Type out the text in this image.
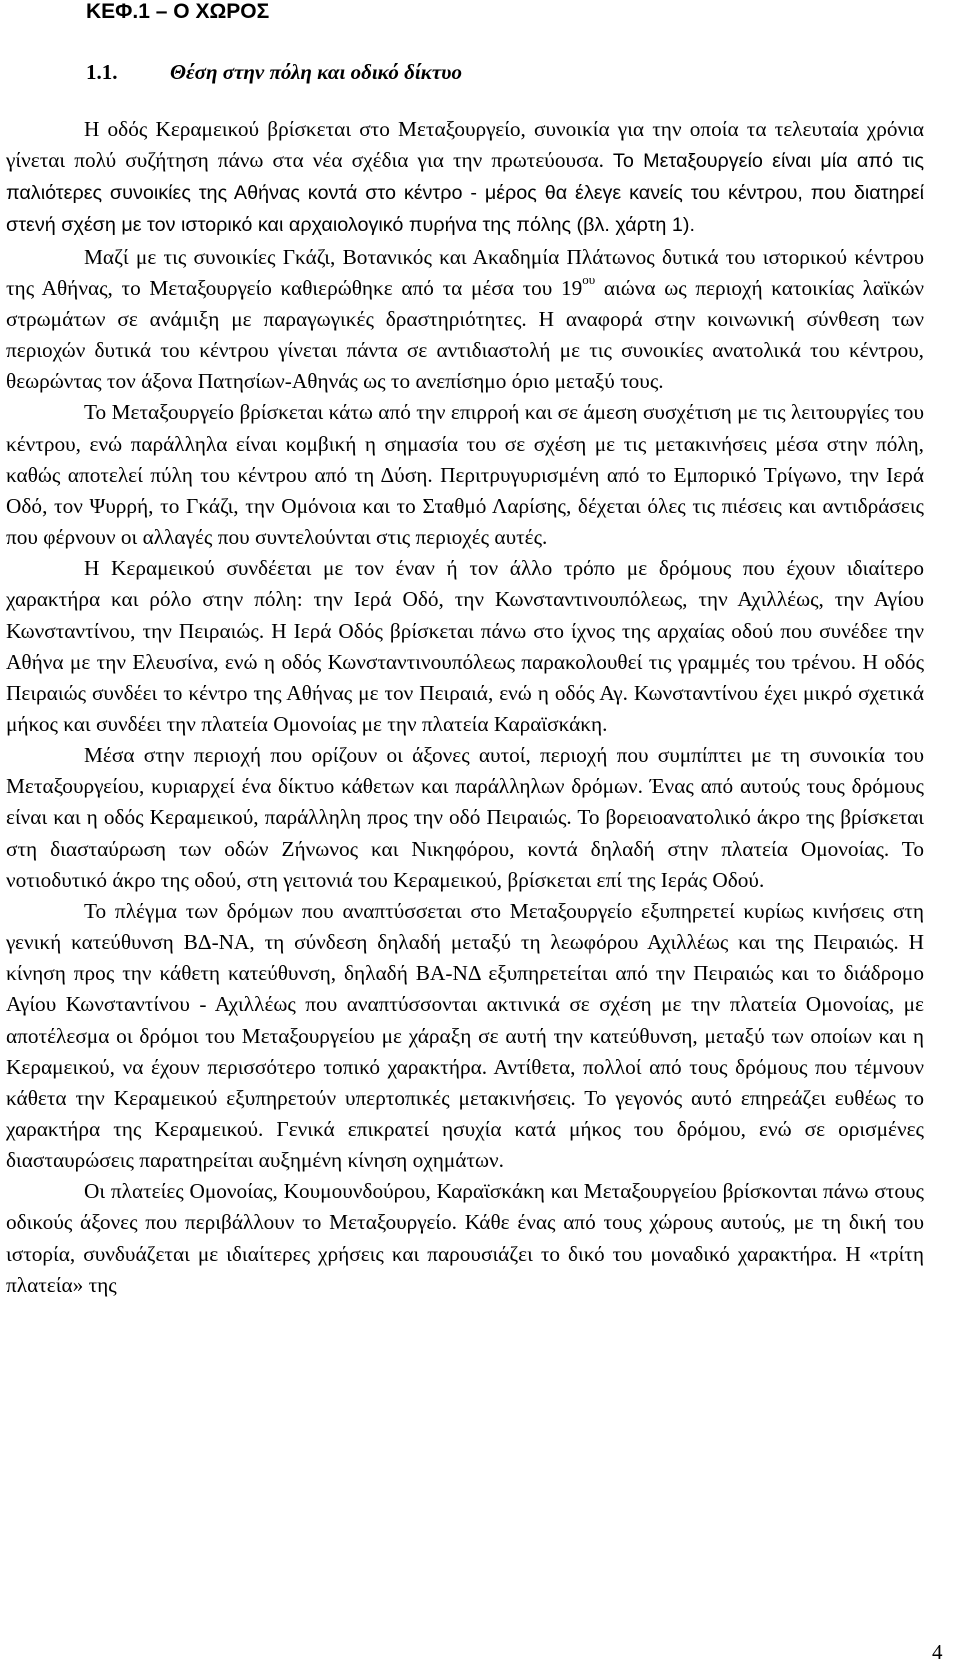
ΚΕΦ.1 – Ο ΧΩΡΟΣ
1.1.	Θέση στην πόλη και οδικό δίκτυο

Η οδός Κεραμεικού βρίσκεται στο Μεταξουργείο, συνοικία για την οποία τα τελευταία χρόνια γίνεται πολύ συζήτηση πάνω στα νέα σχέδια για την πρωτεύουσα. Το Μεταξουργείο είναι μία από τις παλιότερες συνοικίες της Αθήνας κοντά στο κέντρο - μέρος θα έλεγε κανείς του κέντρου, που διατηρεί στενή σχέση με τον ιστορικό και αρχαιολογικό πυρήνα της πόλης (βλ. χάρτη 1).

Μαζί με τις συνοικίες Γκάζι, Βοτανικός και Ακαδημία Πλάτωνος δυτικά του ιστορικού κέντρου της Αθήνας, το Μεταξουργείο καθιερώθηκε από τα μέσα του $19^{o\upsilon}$ αιώνα ως περιοχή κατοικίας λαϊκών στρωμάτων σε ανάμιξη με παραγωγικές δραστηριότητες. Η αναφορά στην κοινωνική σύνθεση των περιοχών δυτικά του κέντρου γίνεται πάντα σε αντιδιαστολή με τις συνοικίες ανατολικά του κέντρου, θεωρώντας τον άξονα Πατησίων-Αθηνάς ως το ανεπίσημο όριο μεταξύ τους.

Το Μεταξουργείο βρίσκεται κάτω από την επιρροή και σε άμεση συσχέτιση με τις λειτουργίες του κέντρου, ενώ παράλληλα είναι κομβική η σημασία του σε σχέση με τις μετακινήσεις μέσα στην πόλη, καθώς αποτελεί πύλη του κέντρου από τη Δύση. Περιτρυγυρισμένη από το Εμπορικό Τρίγωνο, την Ιερά Οδό, τον Ψυρρή, το Γκάζι, την Ομόνοια και το Σταθμό Λαρίσης, δέχεται όλες τις πιέσεις και αντιδράσεις που φέρνουν οι αλλαγές που συντελούνται στις περιοχές αυτές.

Η Κεραμεικού συνδέεται με τον έναν ή τον άλλο τρόπο με δρόμους που έχουν ιδιαίτερο χαρακτήρα και ρόλο στην πόλη: την Ιερά Οδό, την Κωνσταντινουπόλεως, την Αχιλλέως, την Αγίου Κωνσταντίνου, την Πειραιώς. Η Ιερά Οδός βρίσκεται πάνω στο ίχνος της αρχαίας οδού που συνέδεε την Αθήνα με την Ελευσίνα, ενώ η οδός Κωνσταντινουπόλεως παρακολουθεί τις γραμμές του τρένου. Η οδός Πειραιώς συνδέει το κέντρο της Αθήνας με τον Πειραιά, ενώ η οδός Αγ. Κωνσταντίνου έχει μικρό σχετικά μήκος και συνδέει την πλατεία Ομονοίας με την πλατεία Καραϊσκάκη.

Μέσα στην περιοχή που ορίζουν οι άξονες αυτοί, περιοχή που συμπίπτει με τη συνοικία του Μεταξουργείου, κυριαρχεί ένα δίκτυο κάθετων και παράλληλων δρόμων. Ένας από αυτούς τους δρόμους είναι και η οδός Κεραμεικού, παράλληλη προς την οδό Πειραιώς. Το βορειοανατολικό άκρο της βρίσκεται στη διασταύρωση των οδών Ζήνωνος και Νικηφόρου, κοντά δηλαδή στην πλατεία Ομονοίας. Το νοτιοδυτικό άκρο της οδού, στη γειτονιά του Κεραμεικού, βρίσκεται επί της Ιεράς Οδού.

Το πλέγμα των δρόμων που αναπτύσσεται στο Μεταξουργείο εξυπηρετεί κυρίως κινήσεις στη γενική κατεύθυνση ΒΔ-ΝΑ, τη σύνδεση δηλαδή μεταξύ τη λεωφόρου Αχιλλέως και της Πειραιώς. Η κίνηση προς την κάθετη κατεύθυνση, δηλαδή ΒΑ-ΝΔ εξυπηρετείται από την Πειραιώς και το διάδρομο Αγίου Κωνσταντίνου - Αχιλλέως που αναπτύσσονται ακτινικά σε σχέση με την πλατεία Ομονοίας, με αποτέλεσμα οι δρόμοι του Μεταξουργείου με χάραξη σε αυτή την κατεύθυνση, μεταξύ των οποίων και η Κεραμεικού, να έχουν περισσότερο τοπικό χαρακτήρα. Αντίθετα, πολλοί από τους δρόμους που τέμνουν κάθετα την Κεραμεικού εξυπηρετούν υπερτοπικές μετακινήσεις. Το γεγονός αυτό επηρεάζει ευθέως το χαρακτήρα της Κεραμεικού. Γενικά επικρατεί ησυχία κατά μήκος του δρόμου, ενώ σε ορισμένες διασταυρώσεις παρατηρείται αυξημένη κίνηση οχημάτων.

Οι πλατείες Ομονοίας, Κουμουνδούρου, Καραϊσκάκη και Μεταξουργείου βρίσκονται πάνω στους οδικούς άξονες που περιβάλλουν το Μεταξουργείο. Κάθε ένας από τους χώρους αυτούς, με τη δική του ιστορία, συνδυάζεται με ιδιαίτερες χρήσεις και παρουσιάζει το δικό του μοναδικό χαρακτήρα. Η «τρίτη πλατεία» της

4
